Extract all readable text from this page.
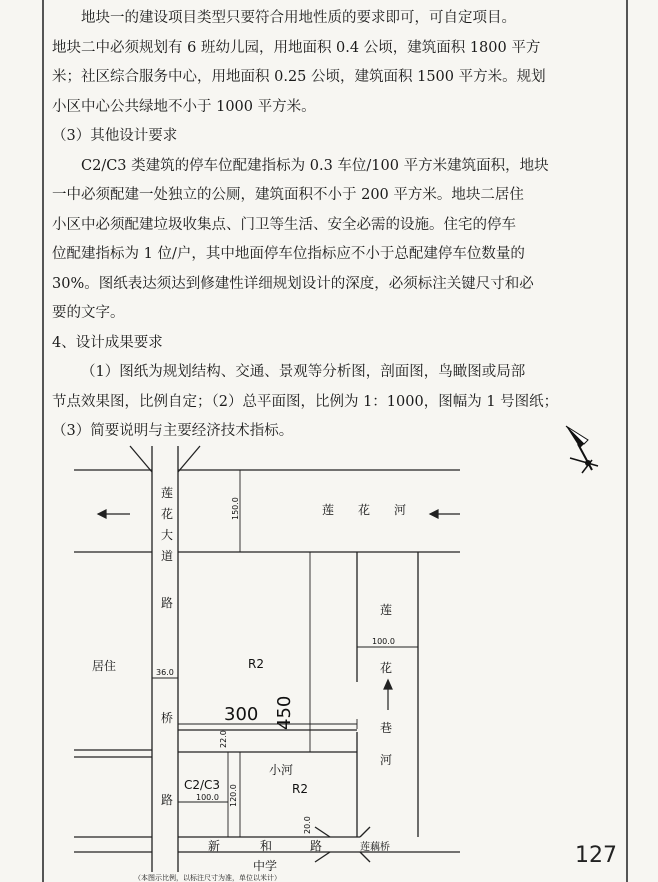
地块一的建设项目类型只要符合用地性质的要求即可，可自定项目。

地块二中必须规划有 6 班幼儿园，用地面积 0.4 公顷，建筑面积 1800 平方

米；社区综合服务中心，用地面积 0.25 公顷，建筑面积 1500 平方米。规划

小区中心公共绿地不小于 1000 平方米。

（3）其他设计要求

C2/C3 类建筑的停车位配建指标为 0.3 车位/100 平方米建筑面积，地块

一中必须配建一处独立的公厕，建筑面积不小于 200 平方米。地块二居住

小区中必须配建垃圾收集点、门卫等生活、安全必需的设施。住宅的停车

位配建指标为 1 位/户，其中地面停车位指标应不小于总配建停车位数量的

30%。图纸表达须达到修建性详细规划设计的深度，必须标注关键尺寸和必

要的文字。

4、设计成果要求

（1）图纸为规划结构、交通、景观等分析图，剖面图，鸟瞰图或局部

节点效果图，比例自定；（2）总平面图，比例为 1：1000，图幅为 1 号图纸；

（3）简要说明与主要经济技术指标。

莲
花
大
道
路
桥
路
莲 花 河
莲
花
巷
河
新	和	路	莲藕桥
居住	R2
R2
C2/C3
小河
中学
450
300
150.0
100.0
36.0
100.0 120.0
20.0
22.0
（本图示比例，以标注尺寸为准，单位以米计）
127
